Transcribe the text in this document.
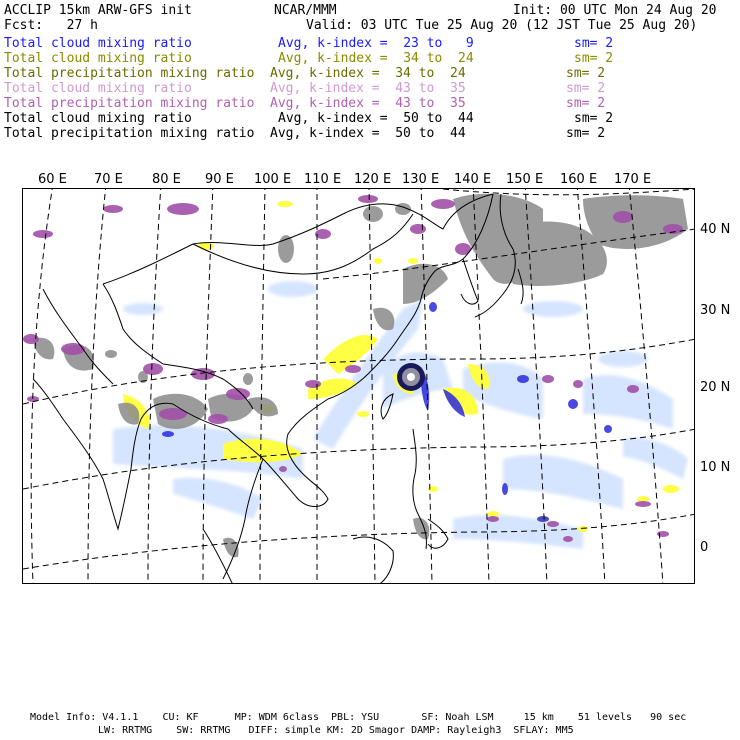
ACCLIP 15km ARW-GFS init	NCAR/MMM	Init: 00 UTC Mon 24 Aug 20
Fcst:   27 h	Valid: 03 UTC Tue 25 Aug 20 (12 JST Tue 25 Aug 20)
Total cloud mixing ratio	Avg, k-index =  23 to   9	sm= 2
Total cloud mixing ratio	Avg, k-index =  34 to  24	sm= 2
Total precipitation mixing ratio Avg, k-index =  34 to  24	sm= 2
Total cloud mixing ratio	Avg, k-index =  43 to  35	sm= 2
Total precipitation mixing ratio Avg, k-index =  43 to  35	sm= 2
Total cloud mixing ratio	Avg, k-index =  50 to  44	sm= 2
Total precipitation mixing ratio Avg, k-index =  50 to  44	sm= 2
60 E 70 E 80 E 90 E 100 E 110 E 120 E 130 E 140 E 150 E 160 E 170 E
40 N
30 N
20 N
10 N
0
Model Info: V4.1.1    CU: KF      MP: WDM 6class  PBL: YSU       SF: Noah LSM     15 km    51 levels   90 sec
LW: RRTMG    SW: RRTMG   DIFF: simple KM: 2D Smagor DAMP: Rayleigh3  SFLAY: MM5
